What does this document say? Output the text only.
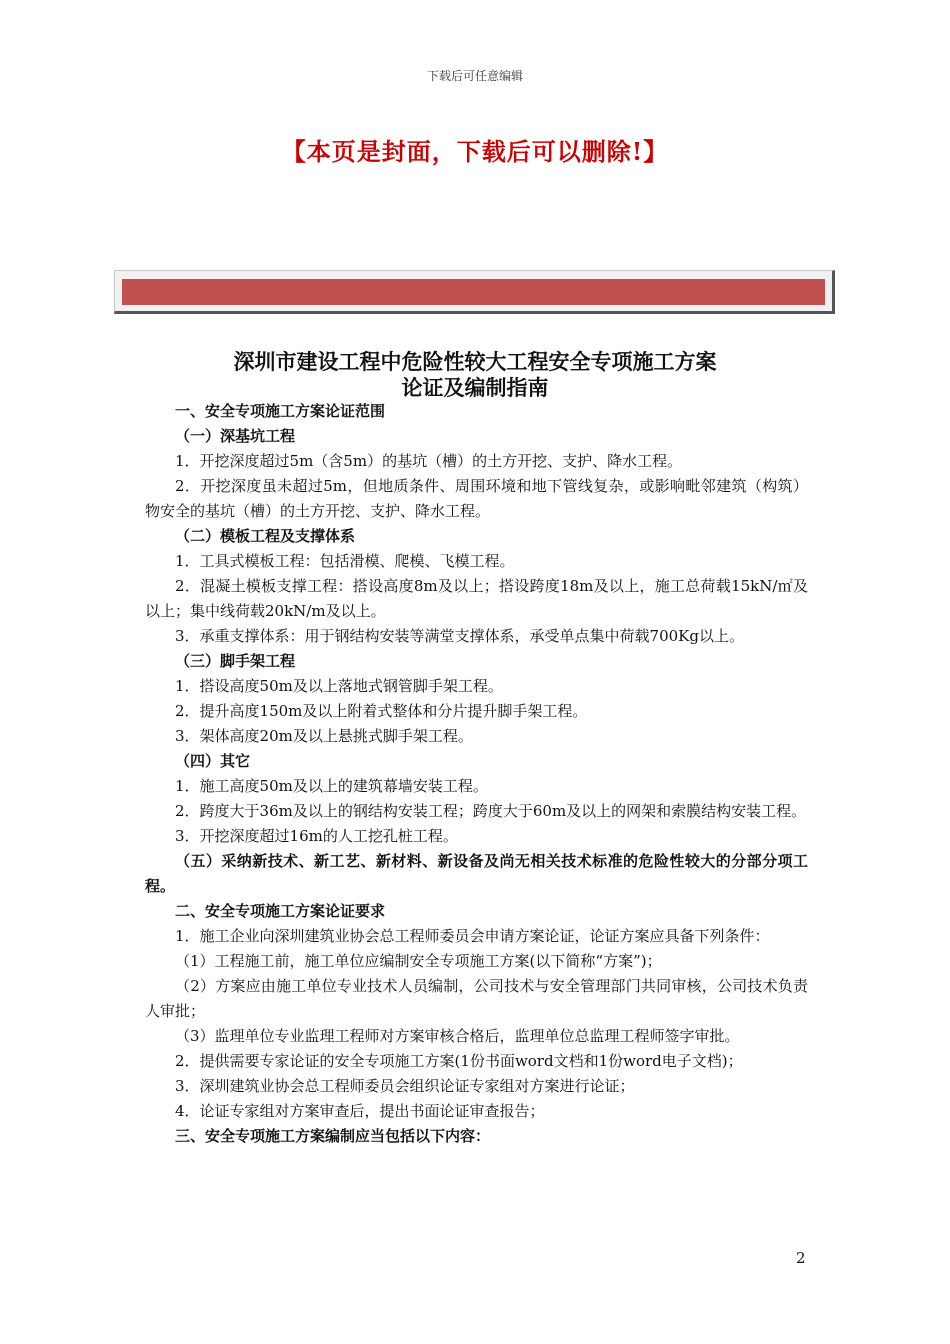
下载后可任意编辑
【本页是封面，下载后可以删除!】
深圳市建设工程中危险性较大工程安全专项施工方案
论证及编制指南

一、安全专项施工方案论证范围

（一）深基坑工程

1．开挖深度超过5m（含5m）的基坑（槽）的土方开挖、支护、降水工程。

2．开挖深度虽未超过5m，但地质条件、周围环境和地下管线复杂，或影响毗邻建筑（构筑）物安全的基坑（槽）的土方开挖、支护、降水工程。

（二）模板工程及支撑体系

1．工具式模板工程：包括滑模、爬模、飞模工程。

2．混凝土模板支撑工程：搭设高度8m及以上；搭设跨度18m及以上，施工总荷载15kN/㎡及以上；集中线荷载20kN/m及以上。

3．承重支撑体系：用于钢结构安装等满堂支撑体系，承受单点集中荷载700Kg以上。

（三）脚手架工程

1．搭设高度50m及以上落地式钢管脚手架工程。

2．提升高度150m及以上附着式整体和分片提升脚手架工程。

3．架体高度20m及以上悬挑式脚手架工程。

（四）其它

1．施工高度50m及以上的建筑幕墙安装工程。

2．跨度大于36m及以上的钢结构安装工程；跨度大于60m及以上的网架和索膜结构安装工程。

3．开挖深度超过16m的人工挖孔桩工程。

（五）采纳新技术、新工艺、新材料、新设备及尚无相关技术标准的危险性较大的分部分项工程。

二、安全专项施工方案论证要求

1．施工企业向深圳建筑业协会总工程师委员会申请方案论证，论证方案应具备下列条件：

（1）工程施工前，施工单位应编制安全专项施工方案(以下简称“方案”)；

（2）方案应由施工单位专业技术人员编制，公司技术与安全管理部门共同审核，公司技术负责人审批；

（3）监理单位专业监理工程师对方案审核合格后，监理单位总监理工程师签字审批。

2．提供需要专家论证的安全专项施工方案(1份书面word文档和1份word电子文档)；

3．深圳建筑业协会总工程师委员会组织论证专家组对方案进行论证；

4．论证专家组对方案审查后，提出书面论证审查报告；

三、安全专项施工方案编制应当包括以下内容：

2
